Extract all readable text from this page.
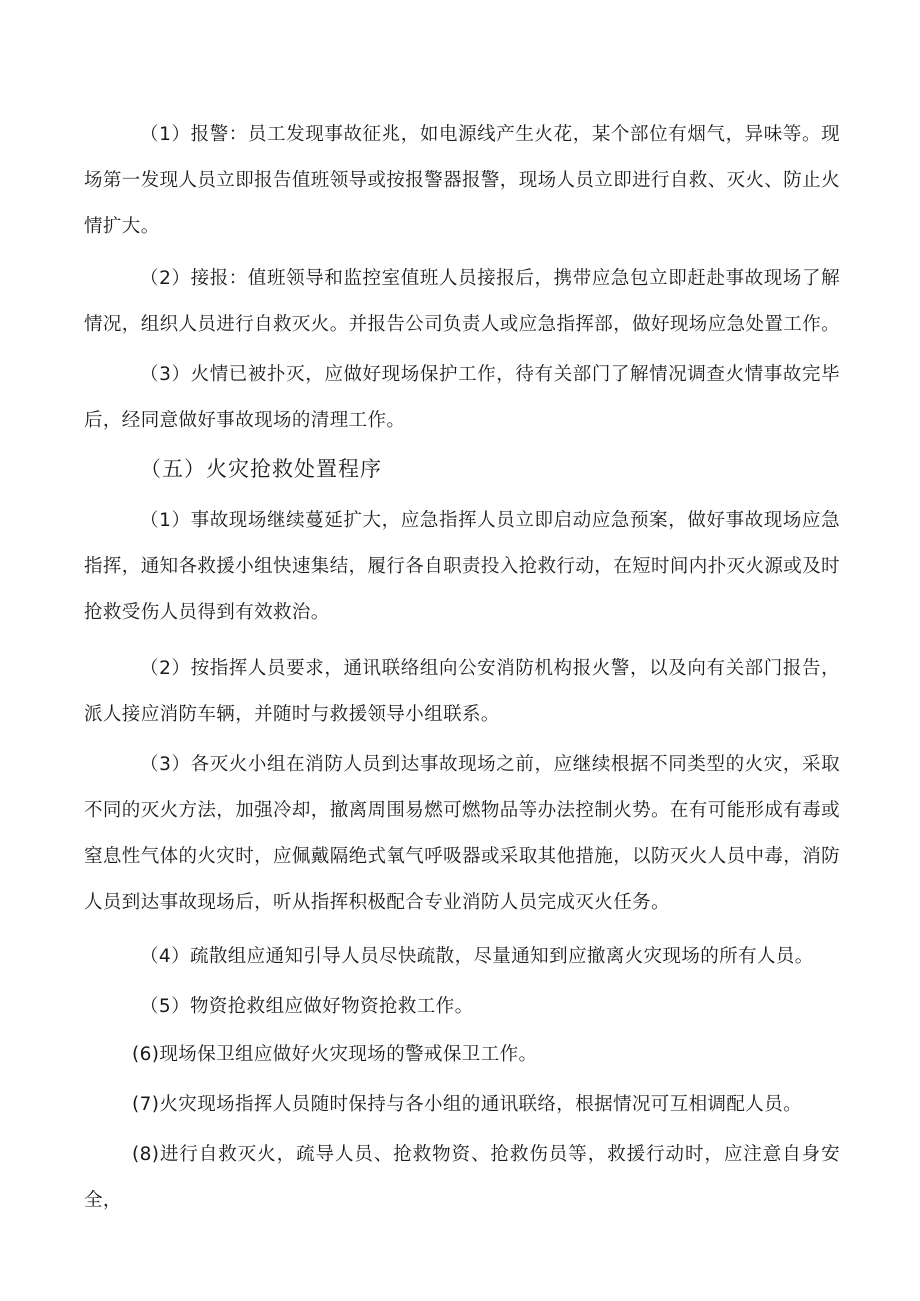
（1）报警：员工发现事故征兆，如电源线产生火花，某个部位有烟气，异味等。现场第一发现人员立即报告值班领导或按报警器报警，现场人员立即进行自救、灭火、防止火情扩大。

（2）接报：值班领导和监控室值班人员接报后，携带应急包立即赶赴事故现场了解情况，组织人员进行自救灭火。并报告公司负责人或应急指挥部，做好现场应急处置工作。

（3）火情已被扑灭，应做好现场保护工作，待有关部门了解情况调查火情事故完毕后，经同意做好事故现场的清理工作。

（五）火灾抢救处置程序

（1）事故现场继续蔓延扩大，应急指挥人员立即启动应急预案，做好事故现场应急指挥，通知各救援小组快速集结，履行各自职责投入抢救行动，在短时间内扑灭火源或及时抢救受伤人员得到有效救治。

（2）按指挥人员要求，通讯联络组向公安消防机构报火警，以及向有关部门报告，派人接应消防车辆，并随时与救援领导小组联系。

（3）各灭火小组在消防人员到达事故现场之前，应继续根据不同类型的火灾，采取不同的灭火方法，加强冷却，撤离周围易燃可燃物品等办法控制火势。在有可能形成有毒或窒息性气体的火灾时，应佩戴隔绝式氧气呼吸器或采取其他措施，以防灭火人员中毒，消防人员到达事故现场后，听从指挥积极配合专业消防人员完成灭火任务。

（4）疏散组应通知引导人员尽快疏散，尽量通知到应撤离火灾现场的所有人员。

（5）物资抢救组应做好物资抢救工作。

(6)现场保卫组应做好火灾现场的警戒保卫工作。

(7)火灾现场指挥人员随时保持与各小组的通讯联络，根据情况可互相调配人员。

(8)进行自救灭火，疏导人员、抢救物资、抢救伤员等，救援行动时，应注意自身安全，
